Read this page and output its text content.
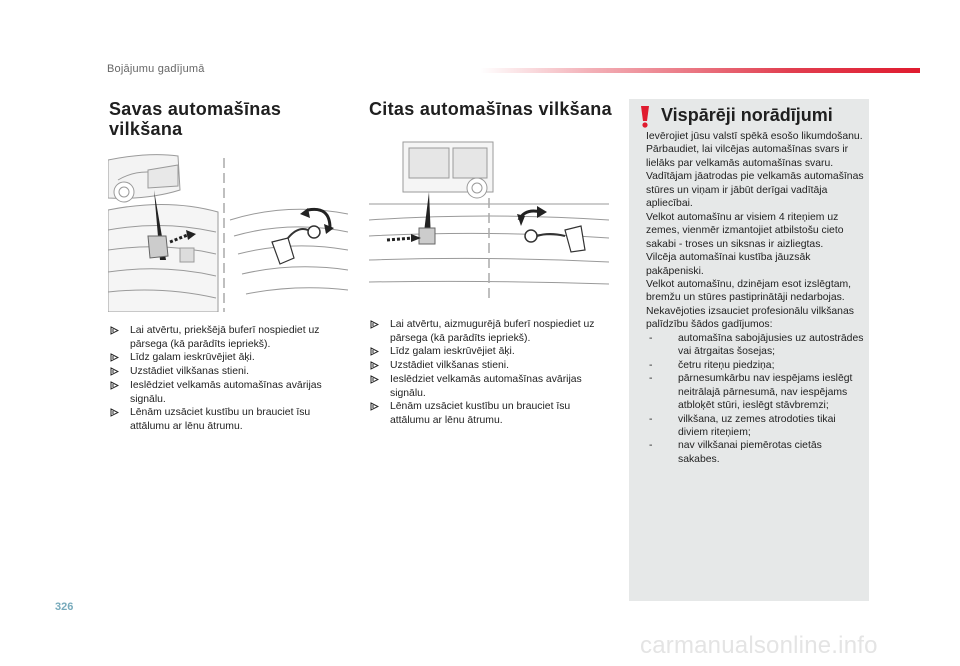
Bojājumu gadījumā
Savas automašīnas vilkšana
Lai atvērtu, priekšējā buferī nospiediet uz pārsega (kā parādīts iepriekš).
Līdz galam ieskrūvējiet āķi.
Uzstādiet vilkšanas stieni.
Ieslēdziet velkamās automašīnas avārijas signālu.
Lēnām uzsāciet kustību un brauciet īsu attālumu ar lēnu ātrumu.
Citas automašīnas vilkšana
Lai atvērtu, aizmugurējā buferī nospiediet uz pārsega (kā parādīts iepriekš).
Līdz galam ieskrūvējiet āķi.
Uzstādiet vilkšanas stieni.
Ieslēdziet velkamās automašīnas avārijas signālu.
Lēnām uzsāciet kustību un brauciet īsu attālumu ar lēnu ātrumu.
Vispārēji norādījumi

Ievērojiet jūsu valstī spēkā esošo likumdošanu.

Pārbaudiet, lai vilcējas automašīnas svars ir lielāks par velkamās automašīnas svaru.

Vadītājam jāatrodas pie velkamās automašīnas stūres un viņam ir jābūt derīgai vadītāja apliecībai.

Velkot automašīnu ar visiem 4 riteņiem uz zemes, vienmēr izmantojiet atbilstošu cieto sakabi - troses un siksnas ir aizliegtas.

Vilcēja automašīnai kustība jāuzsāk pakāpeniski.

Velkot automašīnu, dzinējam esot izslēgtam, bremžu un stūres pastiprinātāji nedarbojas.

Nekavējoties izsauciet profesionālu vilkšanas palīdzību šādos gadījumos:

- automašīna sabojājusies uz autostrādes vai ātrgaitas šosejas;
- četru riteņu piedziņa;
- pārnesumkārbu nav iespējams ieslēgt neitrālajā pārnesumā, nav iespējams atbloķēt stūri, ieslēgt stāvbremzi;
- vilkšana, uz zemes atrodoties tikai diviem riteņiem;
- nav vilkšanai piemērotas cietās sakabes.
326
carmanualsonline.info
